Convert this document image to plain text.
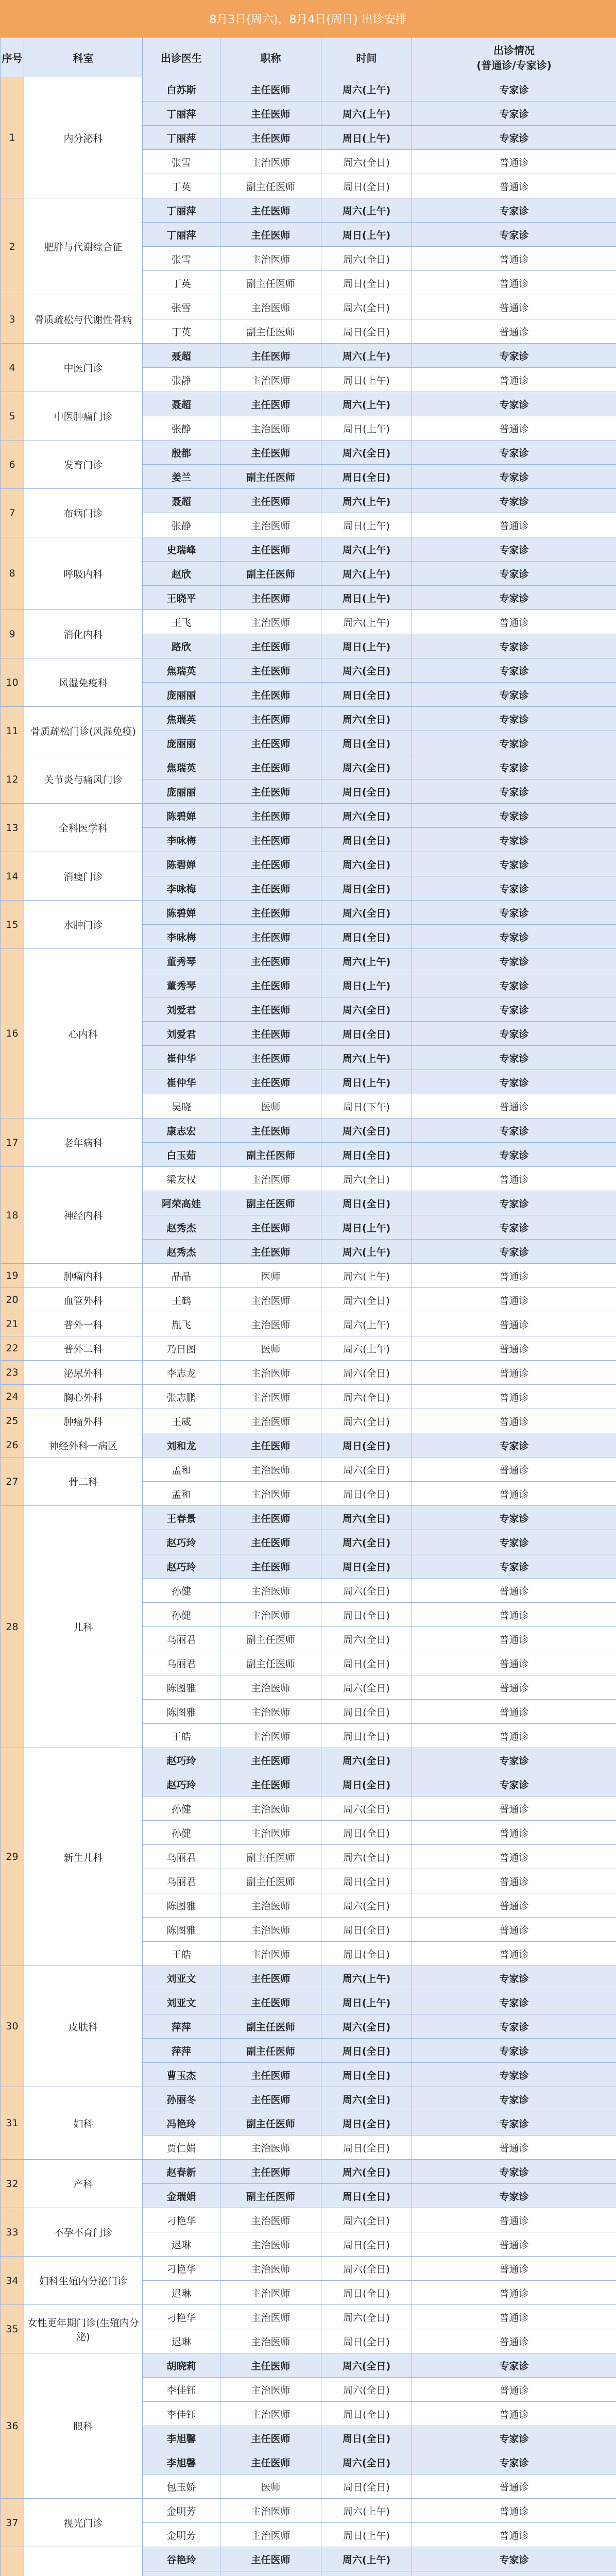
8月3日(周六)，8月4日(周日) 出诊安排
序号	科室	出诊医生	职称	时间	出诊情况
(普通诊/专家诊)
1	内分泌科	白苏斯	主任医师	周六(上午)	专家诊
		丁丽萍	主任医师	周六(上午)	专家诊
		丁丽萍	主任医师	周日(上午)	专家诊
		张雪	主治医师	周六(全日)	普通诊
		丁英	副主任医师	周日(全日)	普通诊
2	肥胖与代谢综合征	丁丽萍	主任医师	周六(上午)	专家诊
		丁丽萍	主任医师	周日(上午)	专家诊
		张雪	主治医师	周六(全日)	普通诊
		丁英	副主任医师	周日(全日)	普通诊
3	骨质疏松与代谢性骨病	张雪	主治医师	周六(全日)	普通诊
		丁英	副主任医师	周日(全日)	普通诊
4	中医门诊	聂超	主任医师	周六(上午)	专家诊
		张静	主治医师	周日(上午)	普通诊
5	中医肿瘤门诊	聂超	主任医师	周六(上午)	专家诊
		张静	主治医师	周日(上午)	普通诊
6	发育门诊	殷都	主任医师	周六(全日)	专家诊
		姜兰	副主任医师	周日(全日)	专家诊
7	布病门诊	聂超	主任医师	周六(上午)	专家诊
		张静	主治医师	周日(上午)	普通诊
8	呼吸内科	史瑞峰	主任医师	周六(上午)	专家诊
		赵欣	副主任医师	周六(上午)	专家诊
		王晓平	主任医师	周日(上午)	专家诊
9	消化内科	王飞	主治医师	周六(上午)	普通诊
		路欣	主任医师	周日(上午)	专家诊
10	风湿免疫科	焦瑞英	主任医师	周六(全日)	专家诊
		庞丽丽	主任医师	周日(全日)	专家诊
11	骨质疏松门诊(风湿免疫)	焦瑞英	主任医师	周六(全日)	专家诊
		庞丽丽	主任医师	周日(全日)	专家诊
12	关节炎与痛风门诊	焦瑞英	主任医师	周六(全日)	专家诊
		庞丽丽	主任医师	周日(全日)	专家诊
13	全科医学科	陈碧婵	主任医师	周六(全日)	专家诊
		李咏梅	主任医师	周日(全日)	专家诊
14	消瘦门诊	陈碧婵	主任医师	周六(全日)	专家诊
		李咏梅	主任医师	周日(全日)	专家诊
15	水肿门诊	陈碧婵	主任医师	周六(全日)	专家诊
		李咏梅	主任医师	周日(全日)	专家诊
16	心内科	董秀琴	主任医师	周六(上午)	专家诊
		董秀琴	主任医师	周日(上午)	专家诊
		刘爱君	主任医师	周六(全日)	专家诊
		刘爱君	主任医师	周日(全日)	专家诊
		崔仲华	主任医师	周六(上午)	专家诊
		崔仲华	主任医师	周日(上午)	专家诊
		吴晓	医师	周日(下午)	普通诊
17	老年病科	康志宏	主任医师	周六(全日)	专家诊
		白玉茹	副主任医师	周日(全日)	专家诊
18	神经内科	梁友权	主治医师	周六(全日)	普通诊
		阿荣高娃	副主任医师	周日(全日)	专家诊
		赵秀杰	主任医师	周日(上午)	专家诊
		赵秀杰	主任医师	周六(上午)	专家诊
19	肿瘤内科	晶晶	医师	周六(上午)	普通诊
20	血管外科	王鹤	主治医师	周六(全日)	普通诊
21	普外一科	胤飞	主治医师	周六(上午)	普通诊
22	普外二科	乃日图	医师	周六(上午)	普通诊
23	泌尿外科	李志龙	主治医师	周六(全日)	普通诊
24	胸心外科	张志鹏	主治医师	周六(全日)	普通诊
25	肿瘤外科	王威	主治医师	周六(全日)	普通诊
26	神经外科一病区	刘和龙	主任医师	周日(全日)	专家诊
27	骨二科	孟和	主治医师	周六(全日)	普通诊
		孟和	主治医师	周日(全日)	普通诊
28	儿科	王春景	主任医师	周六(全日)	专家诊
		赵巧玲	主任医师	周六(全日)	专家诊
		赵巧玲	主任医师	周日(全日)	专家诊
		孙健	主治医师	周六(全日)	普通诊
		孙健	主治医师	周日(全日)	普通诊
		乌丽君	副主任医师	周六(全日)	普通诊
		乌丽君	副主任医师	周日(全日)	普通诊
		陈图雅	主治医师	周六(全日)	普通诊
		陈图雅	主治医师	周日(全日)	普通诊
		王皓	主治医师	周日(全日)	普通诊
29	新生儿科	赵巧玲	主任医师	周六(全日)	专家诊
		赵巧玲	主任医师	周日(全日)	专家诊
		孙健	主治医师	周六(全日)	普通诊
		孙健	主治医师	周日(全日)	普通诊
		乌丽君	副主任医师	周六(全日)	普通诊
		乌丽君	副主任医师	周日(全日)	普通诊
		陈图雅	主治医师	周六(全日)	普通诊
		陈图雅	主治医师	周日(全日)	普通诊
		王皓	主治医师	周日(全日)	普通诊
30	皮肤科	刘亚文	主任医师	周六(上午)	专家诊
		刘亚文	主任医师	周日(上午)	专家诊
		萍萍	副主任医师	周六(全日)	专家诊
		萍萍	副主任医师	周日(全日)	专家诊
		曹玉杰	主任医师	周日(全日)	专家诊
31	妇科	孙丽冬	主任医师	周六(全日)	专家诊
		冯艳玲	副主任医师	周日(全日)	专家诊
		贾仁娟	主治医师	周日(全日)	普通诊
32	产科	赵春新	主任医师	周六(全日)	专家诊
		金瑞娟	副主任医师	周日(全日)	专家诊
33	不孕不育门诊	刁艳华	主治医师	周六(全日)	普通诊
		迟琳	主治医师	周日(全日)	普通诊
34	妇科生殖内分泌门诊	刁艳华	主治医师	周六(全日)	普通诊
		迟琳	主治医师	周日(全日)	普通诊
35	女性更年期门诊(生殖内分泌)	刁艳华	主治医师	周六(全日)	普通诊
		迟琳	主治医师	周日(全日)	普通诊
36	眼科	胡晓莉	主任医师	周六(全日)	专家诊
		李佳钰	主治医师	周六(全日)	普通诊
		李佳钰	主治医师	周日(全日)	普通诊
		李旭馨	主任医师	周日(全日)	专家诊
		李旭馨	主任医师	周六(全日)	专家诊
		包玉娇	医师	周日(全日)	普通诊
37	视光门诊	金明芳	主治医师	周六(上午)	普通诊
		金明芳	主治医师	周日(上午)	普通诊
		谷艳玲	主任医师	周六(上午)	专家诊
